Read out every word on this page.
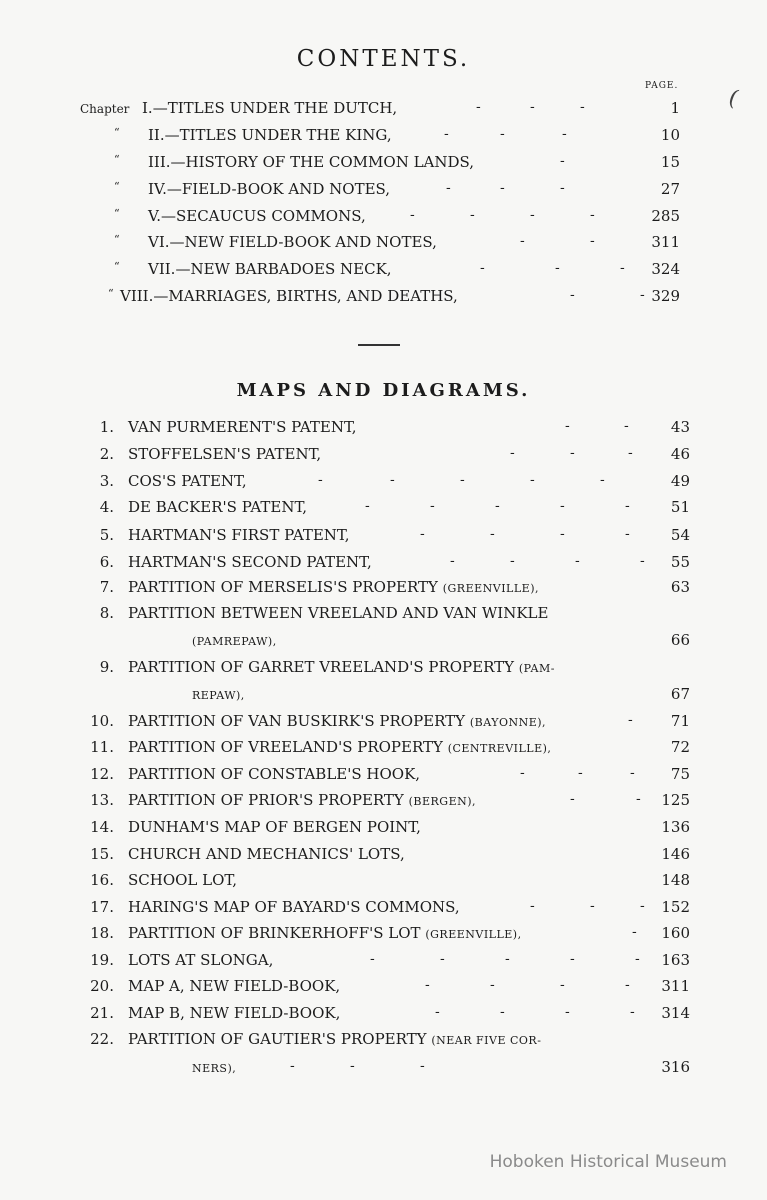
CONTENTS.
PAGE. (
Chapter I.—TITLES UNDER THE DUTCH,	-	-	-	1
“ II.—TITLES UNDER THE KING,	-	-	-	10
“ III.—HISTORY OF THE COMMON LANDS,	-	15
“ IV.—FIELD-BOOK AND NOTES,	-	-	-	27
“ V.—SECAUCUS COMMONS,	-	-	-	-	285
“ VI.—NEW FIELD-BOOK AND NOTES,	-	-	311
“ VII.—NEW BARBADOES NECK,	-	-	- 324
“ VIII.—MARRIAGES, BIRTHS, AND DEATHS,	-	- 329
MAPS AND DIAGRAMS.
1. VAN PURMERENT'S PATENT,	-	-	43
2. STOFFELSEN'S PATENT,	-	-	-	46
3. COS'S PATENT,	-	-	-	-	-	49
4. DE BACKER'S PATENT,	-	-	-	-	-	51
5. HARTMAN'S FIRST PATENT,	-	-	-	-	54
6. HARTMAN'S SECOND PATENT,	-	-	-	- 55
7. PARTITION OF MERSELIS'S PROPERTY (GREENVILLE),	63
8. PARTITION BETWEEN VREELAND AND VAN WINKLE
(PAMREPAW),	66
9. PARTITION OF GARRET VREELAND'S PROPERTY (PAM-
REPAW),	67
10. PARTITION OF VAN BUSKIRK'S PROPERTY (BAYONNE),	-	71
11. PARTITION OF VREELAND'S PROPERTY (CENTREVILLE),	72
12. PARTITION OF CONSTABLE'S HOOK,	-	-	- 75
13. PARTITION OF PRIOR'S PROPERTY (BERGEN),	-	- 125
14. DUNHAM'S MAP OF BERGEN POINT,	136
15. CHURCH AND MECHANICS' LOTS,	146
16. SCHOOL LOT,	148
17. HARING'S MAP OF BAYARD'S COMMONS,	-	-	- 152
18. PARTITION OF BRINKERHOFF'S LOT (GREENVILLE),	- 160
19. LOTS AT SLONGA,	-	-	-	-	- 163
20. MAP A, NEW FIELD-BOOK,	-	-	-	- 311
21. MAP B, NEW FIELD-BOOK,	-	-	-	- 314
22. PARTITION OF GAUTIER'S PROPERTY (NEAR FIVE COR-
NERS),	-	-	-	316
Hoboken Historical Museum
